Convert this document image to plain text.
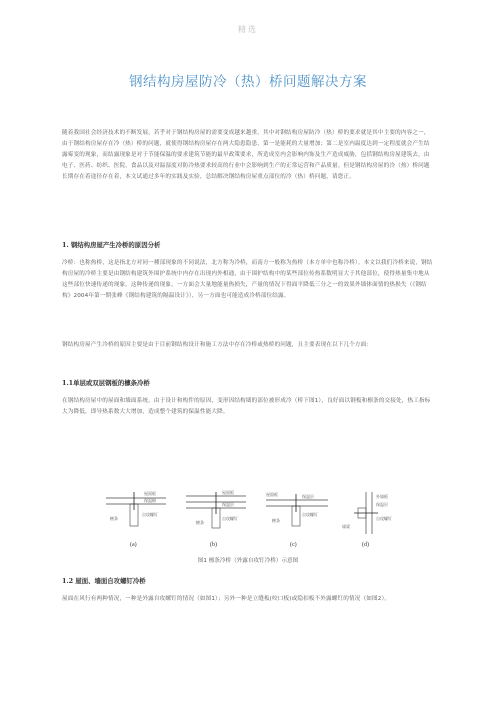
精选
钢结构房屋防冷（热）桥问题解决方案
随着我国社会经济技术的不断发展，若乎对于钢结构房屋的需要变成越来越重，其中对钢结构房屋防冷（热）桥的要求就是其中主要的内容之一，由于钢结构房屋存在冷（热）桥的问题，就使得钢结构房屋存在两大隐患隐患，第一是能耗的大量增加；第二是室内温度达到一定程度就会产生结露霉变的现象，而结露现象是对于节能保温的要求建筑节能的最早政策要求，所造成室内会影响内饰及生产造成威胁，包括钢结构房屋建筑去，由电子、医药、纺织、医院、食品以及对温湿度对防冷热要求较高的行业中会影响到生产的正常运营和产品质量。但是钢结构房屋的冷（热）桥问题长期存在着途径存在着，本文试通过多年的实践及实验，总结解决钢结构房屋重点部位的冷（热）桥问题，请您正。
1. 钢结构房屋产生冷桥的原因分析
冷桥：也称热桥，这是指北方对同一種部现象的不同说法，北方称为冷桥，而南方一般称为热桥（本方单中也称冷桥）。本文以我们冷桥来说，钢结构房屋的冷桥主要是由钢结构建筑外围护系统中内存在出现内外相通，由于围护结构中的某些部位传热系数明显大于其他部位，使得热量集中地从这些部位快速传递的现象，这种传递的现象，一方面会大量地能量热损失，产量的情况下得面平降低三分之一的效果外墙体面情的热损失（《钢结构》2004年第一期张峰《钢结构建筑的隔温设计》），另一方面也可能造成冷桥部位结露。
钢结构房屋产生冷桥的原因主要是由于目前钢结构设计和施工方法中存在冷桥或热桥的问题，且主要表现在以下几个方面：
1.1单层或双层钢板的檩条冷桥
在钢结构房屋中的屋面和墙面系统，由于设计和构件的原因，变形因结构墙的部位被形成冷（桥下图1），良好面以钢板和檩条的交接处，热工指标大为降低，即导热系数大大增加，造成整个建筑的保温性能大降。
屋面板
保温棉
自攻螺钉
檩条
(a)
屋面板
保温层
檩条
自攻螺钉
(b)
屋面板	保温层
自攻螺钉
檩条
(c)
外墙板
保温层
自攻螺钉
墙梁
(d)
图1 檩条冷桥（外露自攻钉冷桥）示意图
1.2 屋面、墙面自攻螺钉冷桥
屋面在风行有两种情况，一种是外露自攻螺钉的情况（如图1）；另外一种是立缝板(咬口板)或隐扣板不外露螺钉的情况（如图2）。
